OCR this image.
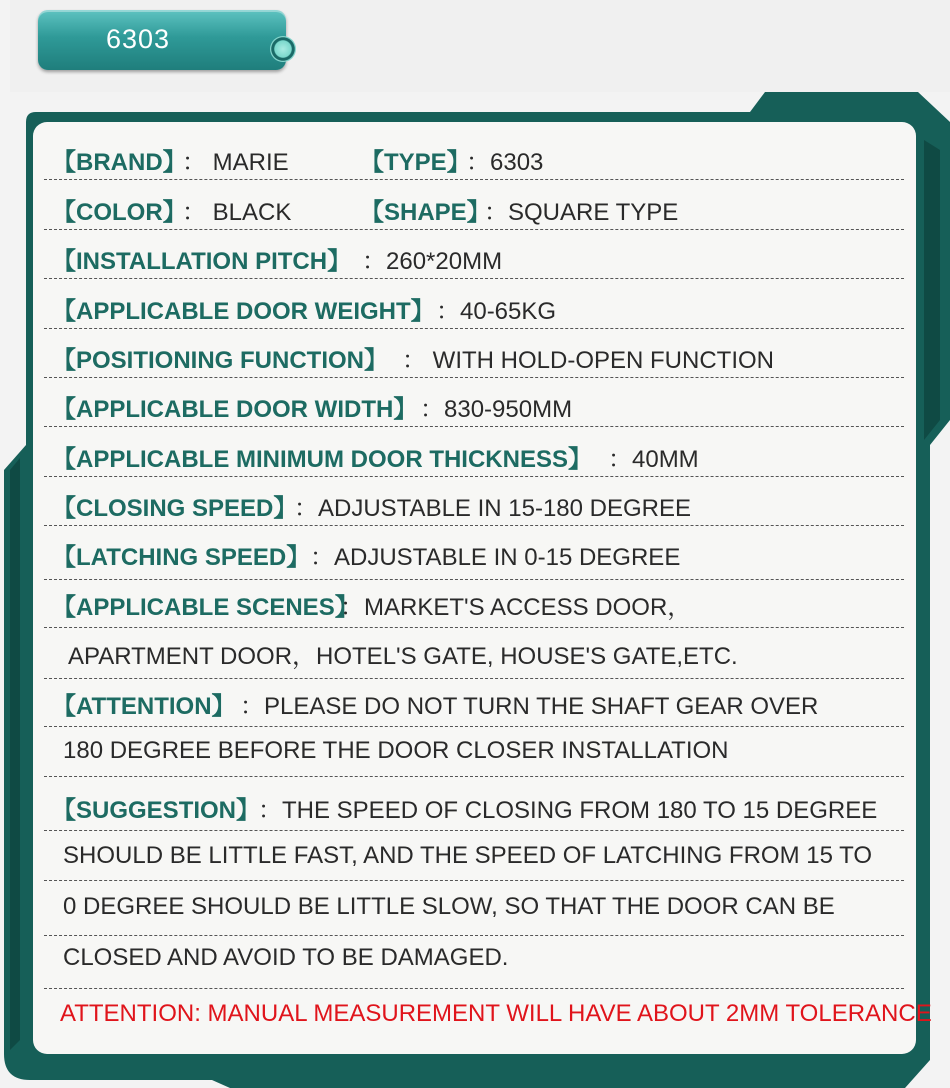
6303
【BRAND】
： MARIE	【TYPE】
：6303
【COLOR】
： BLACK	【SHAPE】
：SQUARE TYPE
【INSTALLATION PITCH】 ：260*20MM
【APPLICABLE DOOR WEIGHT】 ：40-65KG
【POSITIONING FUNCTION】 ： WITH HOLD-OPEN FUNCTION
【APPLICABLE DOOR WIDTH】 ：830-950MM
【APPLICABLE MINIMUM DOOR THICKNESS】 ：40MM
【CLOSING SPEED】
：ADJUSTABLE IN 15-180 DEGREE
【LATCHING SPEED】 ：ADJUSTABLE IN 0-15 DEGREE
【APPLICABLE SCENES】
：MARKET'S ACCESS DOOR，
APARTMENT DOOR，HOTEL'S GATE, HOUSE'S GATE,ETC.
【ATTENTION】 ：PLEASE DO NOT TURN THE SHAFT GEAR OVER
180 DEGREE BEFORE THE DOOR CLOSER INSTALLATION
【SUGGESTION】
：THE SPEED OF CLOSING FROM 180 TO 15 DEGREE
SHOULD BE LITTLE FAST, AND THE SPEED OF LATCHING FROM 15 TO
0 DEGREE SHOULD BE LITTLE SLOW, SO THAT THE DOOR CAN BE
CLOSED AND AVOID TO BE DAMAGED.
ATTENTION: MANUAL MEASUREMENT WILL HAVE ABOUT 2MM TOLERANCE
